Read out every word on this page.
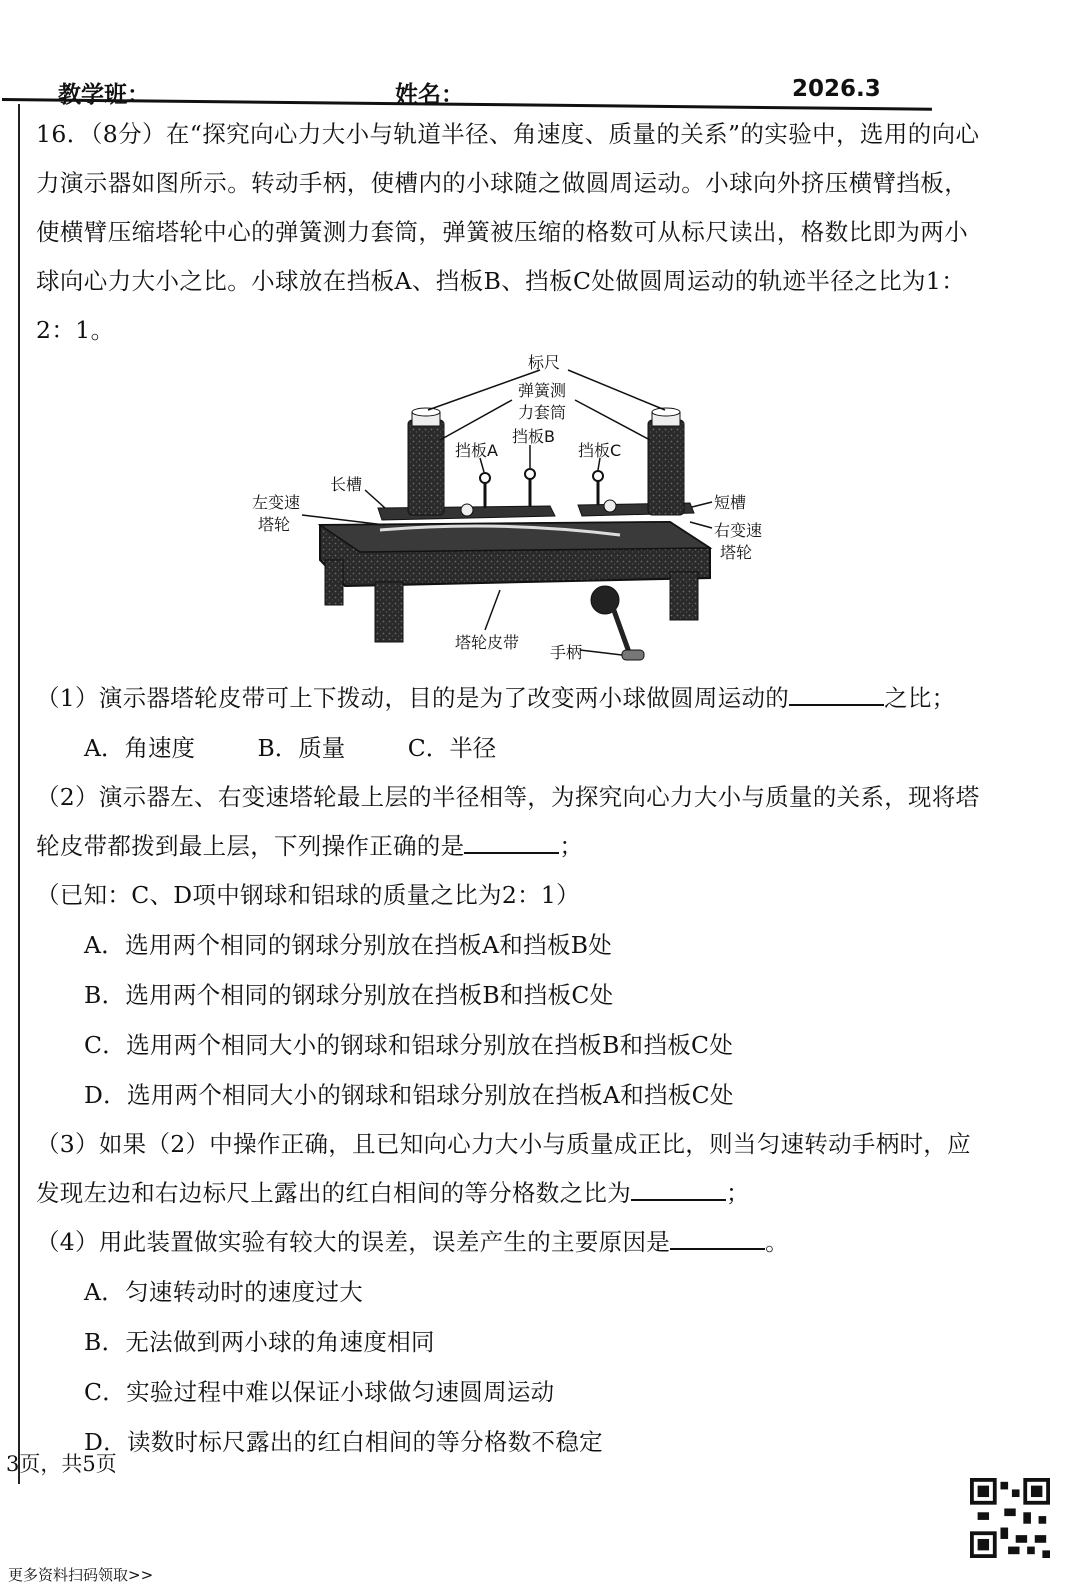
教学班：	姓名：	2026.3

16．（8分）在“探究向心力大小与轨道半径、角速度、质量的关系”的实验中，选用的向心

力演示器如图所示。转动手柄，使槽内的小球随之做圆周运动。小球向外挤压横臂挡板，

使横臂压缩塔轮中心的弹簧测力套筒，弹簧被压缩的格数可从标尺读出，格数比即为两小

球向心力大小之比。小球放在挡板A、挡板B、挡板C处做圆周运动的轨迹半径之比为1：

2：1。

标尺
弹簧测
力套筒
挡板A
挡板B
挡板C
长槽
左变速
塔轮
短槽
右变速
塔轮
塔轮皮带
手柄

（1）演示器塔轮皮带可上下拨动，目的是为了改变两小球做圆周运动的	之比；

A．角速度	B．质量	C．半径

（2）演示器左、右变速塔轮最上层的半径相等，为探究向心力大小与质量的关系，现将塔

轮皮带都拨到最上层，下列操作正确的是	；

（已知：C、D项中钢球和铝球的质量之比为2：1）

A．选用两个相同的钢球分别放在挡板A和挡板B处

B．选用两个相同的钢球分别放在挡板B和挡板C处

C．选用两个相同大小的钢球和铝球分别放在挡板B和挡板C处

D．选用两个相同大小的钢球和铝球分别放在挡板A和挡板C处

（3）如果（2）中操作正确，且已知向心力大小与质量成正比，则当匀速转动手柄时，应

发现左边和右边标尺上露出的红白相间的等分格数之比为	；

（4）用此装置做实验有较大的误差，误差产生的主要原因是	。

A．匀速转动时的速度过大

B．无法做到两小球的角速度相同

C．实验过程中难以保证小球做匀速圆周运动

D．读数时标尺露出的红白相间的等分格数不稳定

3页，共5页
更多资料扫码领取>>
